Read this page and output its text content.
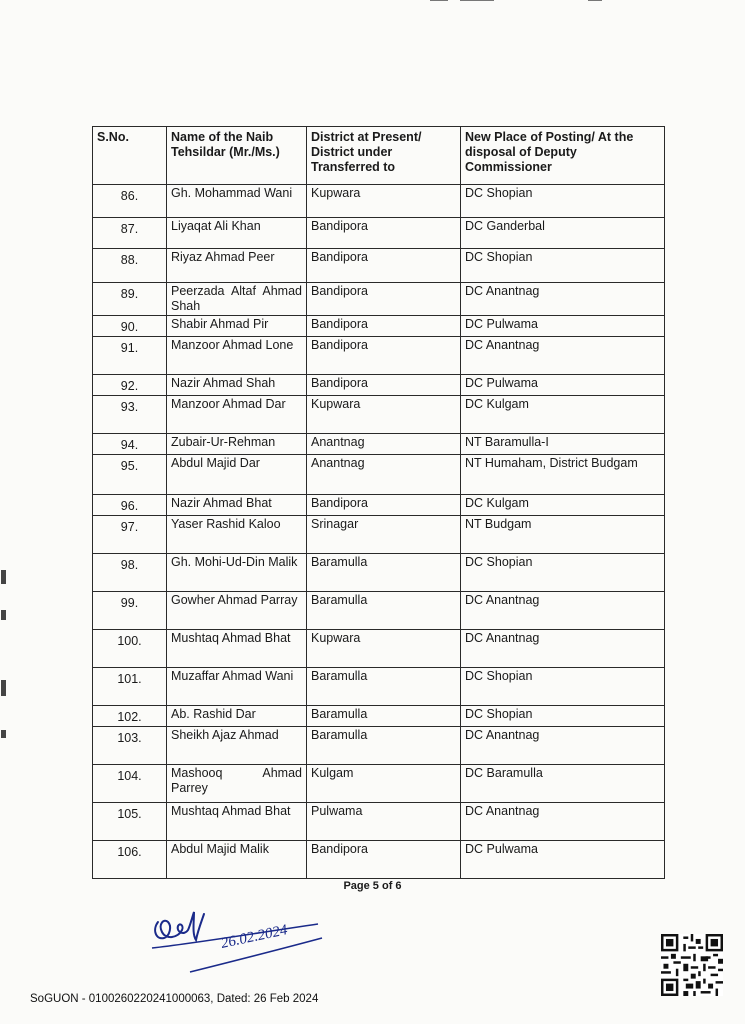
S.No.	Name of the Naib Tehsildar (Mr./Ms.)	District at Present/ District under Transferred to	New Place of Posting/ At the disposal of Deputy Commissioner
86.	Gh. Mohammad Wani	Kupwara	DC Shopian
87.	Liyaqat Ali Khan	Bandipora	DC Ganderbal
88.	Riyaz Ahmad Peer	Bandipora	DC Shopian
89.	Peerzada Altaf Ahmad Shah	Bandipora	DC Anantnag
90.	Shabir Ahmad Pir	Bandipora	DC Pulwama
91.	Manzoor Ahmad Lone	Bandipora	DC Anantnag
92.	Nazir Ahmad Shah	Bandipora	DC Pulwama
93.	Manzoor Ahmad Dar	Kupwara	DC Kulgam
94.	Zubair-Ur-Rehman	Anantnag	NT Baramulla-I
95.	Abdul Majid Dar	Anantnag	NT Humaham, District Budgam
96.	Nazir Ahmad Bhat	Bandipora	DC Kulgam
97.	Yaser Rashid Kaloo	Srinagar	NT Budgam
98.	Gh. Mohi-Ud-Din Malik	Baramulla	DC Shopian
99.	Gowher Ahmad Parray	Baramulla	DC Anantnag
100.	Mushtaq Ahmad Bhat	Kupwara	DC Anantnag
101.	Muzaffar Ahmad Wani	Baramulla	DC Shopian
102.	Ab. Rashid Dar	Baramulla	DC Shopian
103.	Sheikh Ajaz Ahmad	Baramulla	DC Anantnag
104.	Mashooq Ahmad Parrey	Kulgam	DC Baramulla
105.	Mushtaq Ahmad Bhat	Pulwama	DC Anantnag
106.	Abdul Majid Malik	Bandipora	DC Pulwama
Page 5 of 6
26.02.2024
SoGUON - 0100260220241000063, Dated: 26 Feb 2024
